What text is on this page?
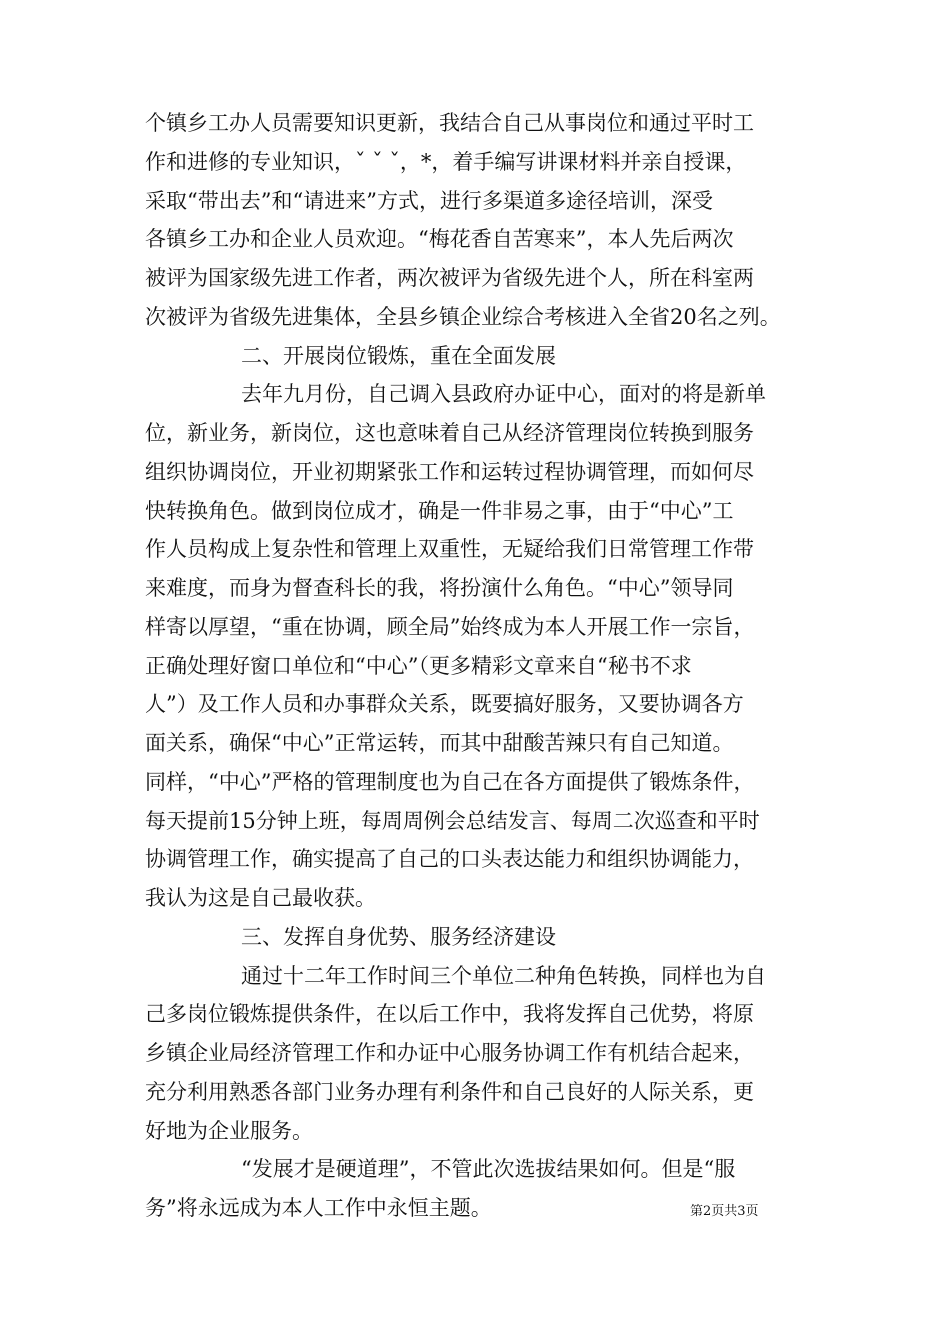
个镇乡工办人员需要知识更新，我结合自己从事岗位和通过平时工
作和进修的专业知识，ˇ ˇ ˇ，*，着手编写讲课材料并亲自授课，
采取“带出去”和“请进来”方式，进行多渠道多途径培训，深受
各镇乡工办和企业人员欢迎。“梅花香自苦寒来”，本人先后两次
被评为国家级先进工作者，两次被评为省级先进个人，所在科室两
次被评为省级先进集体，全县乡镇企业综合考核进入全省20名之列。
二、开展岗位锻炼，重在全面发展
去年九月份，自己调入县政府办证中心，面对的将是新单
位，新业务，新岗位，这也意味着自己从经济管理岗位转换到服务
组织协调岗位，开业初期紧张工作和运转过程协调管理，而如何尽
快转换角色。做到岗位成才，确是一件非易之事，由于“中心”工
作人员构成上复杂性和管理上双重性，无疑给我们日常管理工作带
来难度，而身为督查科长的我，将扮演什么角色。“中心”领导同
样寄以厚望，“重在协调，顾全局”始终成为本人开展工作一宗旨，
正确处理好窗口单位和“中心”（更多精彩文章来自“秘书不求
人”）及工作人员和办事群众关系，既要搞好服务，又要协调各方
面关系，确保“中心”正常运转，而其中甜酸苦辣只有自己知道。
同样，“中心”严格的管理制度也为自己在各方面提供了锻炼条件，
每天提前15分钟上班，每周周例会总结发言、每周二次巡查和平时
协调管理工作，确实提高了自己的口头表达能力和组织协调能力，
我认为这是自己最收获。
三、发挥自身优势、服务经济建设
通过十二年工作时间三个单位二种角色转换，同样也为自
己多岗位锻炼提供条件，在以后工作中，我将发挥自己优势，将原
乡镇企业局经济管理工作和办证中心服务协调工作有机结合起来，
充分利用熟悉各部门业务办理有利条件和自己良好的人际关系，更
好地为企业服务。
“发展才是硬道理”，不管此次选拔结果如何。但是“服
务”将永远成为本人工作中永恒主题。	第2页共3页
